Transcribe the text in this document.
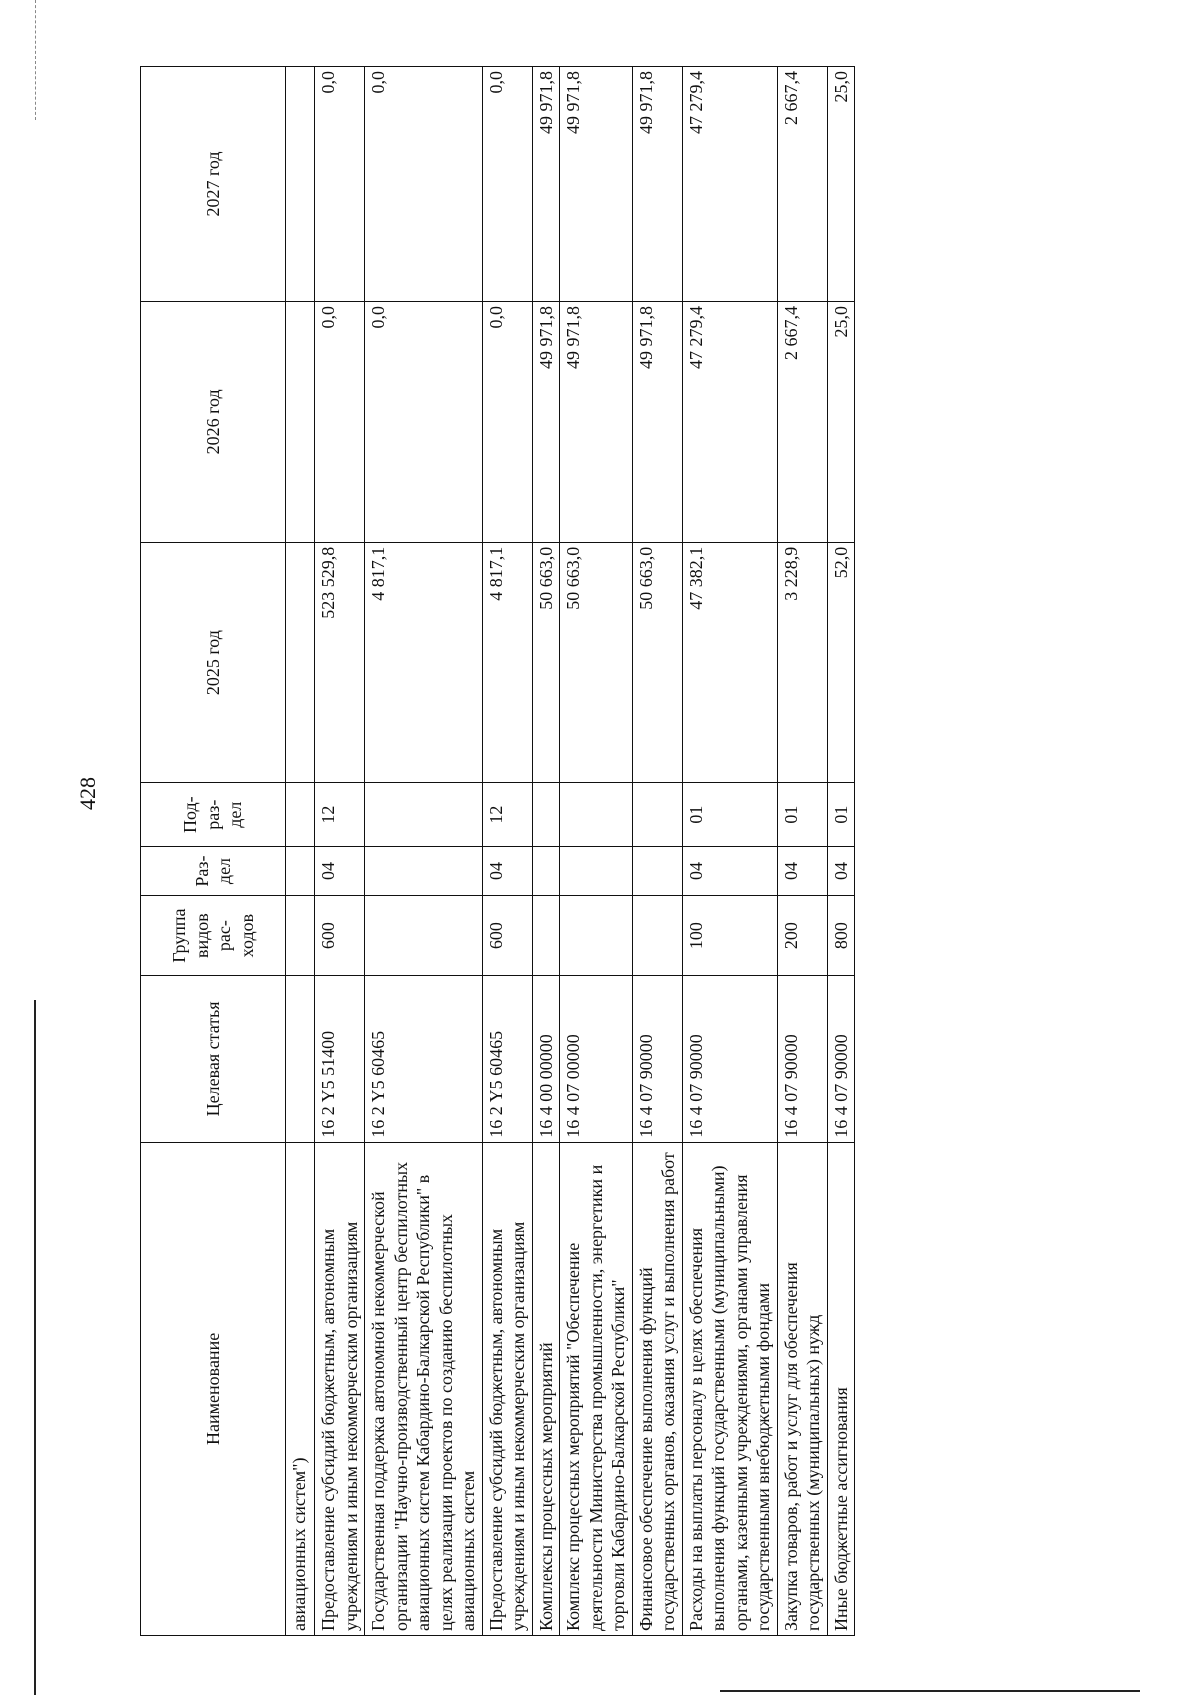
428
Наименование	Целевая статья	Группа видов рас-ходов	Раз-дел	Под-раз-дел	2025 год	2026 год	2027 год
авиационных систем")							
Предоставление субсидий бюджетным, автономным учреждениям и иным некоммерческим организациям	16 2 Y5 51400	600	04	12	523 529,8	0,0	0,0
Государственная поддержка автономной некоммерческой организации "Научно-производственный центр беспилотных авиационных систем Кабардино-Балкарской Республики" в целях реализации проектов по созданию беспилотных авиационных систем	16 2 Y5 60465				4 817,1	0,0	0,0
Предоставление субсидий бюджетным, автономным учреждениям и иным некоммерческим организациям	16 2 Y5 60465	600	04	12	4 817,1	0,0	0,0
Комплексы процессных мероприятий	16 4 00 00000				50 663,0	49 971,8	49 971,8
Комплекс процессных мероприятий "Обеспечение деятельности Министерства промышленности, энергетики и торговли Кабардино-Балкарской Республики"	16 4 07 00000				50 663,0	49 971,8	49 971,8
Финансовое обеспечение выполнения функций государственных органов, оказания услуг и выполнения работ	16 4 07 90000				50 663,0	49 971,8	49 971,8
Расходы на выплаты персоналу в целях обеспечения выполнения функций государственными (муниципальными) органами, казенными учреждениями, органами управления государственными внебюджетными фондами	16 4 07 90000	100	04	01	47 382,1	47 279,4	47 279,4
Закупка товаров, работ и услуг для обеспечения государственных (муниципальных) нужд	16 4 07 90000	200	04	01	3 228,9	2 667,4	2 667,4
Иные бюджетные ассигнования	16 4 07 90000	800	04	01	52,0	25,0	25,0
